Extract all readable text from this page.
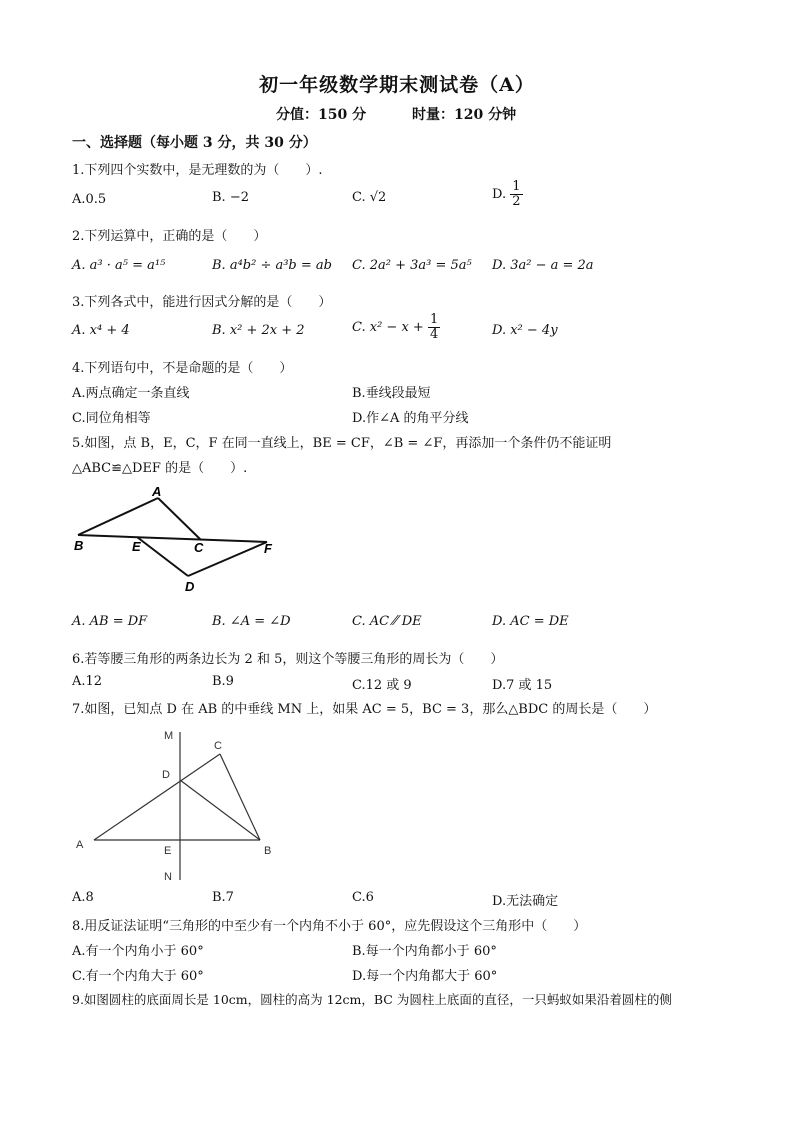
初一年级数学期末测试卷（A）
分值：150 分	时量：120 分钟
一、选择题（每小题 3 分，共 30 分）
1.下列四个实数中，是无理数的为（　　）.
A.0.5	B. −2	C. √2	D. $\frac{1}{2}$
2.下列运算中，正确的是（　　）
A. a³ · a⁵ = a¹⁵	B. a⁴b² ÷ a³b = ab C. 2a² + 3a³ = 5a⁵ D. 3a² − a = 2a
3.下列各式中，能进行因式分解的是（　　）
A. x⁴ + 4	B. x² + 2x + 2	C. $x^2 - x + \frac{1}{4}$	D. x² − 4y
4.下列语句中，不是命题的是（　　）
A.两点确定一条直线	B.垂线段最短
C.同位角相等	D.作∠A 的角平分线
5.如图，点 B，E，C，F 在同一直线上，BE = CF，∠B = ∠F，再添加一个条件仍不能证明
△ABC≌△DEF 的是（　　）.
A
B	E	C	F
D
A. AB = DF	B. ∠A = ∠D	C. AC ⁄⁄ DE	D. AC = DE
6.若等腰三角形的两条边长为 2 和 5，则这个等腰三角形的周长为（　　）
A.12	B.9	C.12 或 9	D.7 或 15
7.如图，已知点 D 在 AB 的中垂线 MN 上，如果 AC = 5，BC = 3，那么△BDC 的周长是（　　）
M
C
D
A	E	B
N
A.8	B.7	C.6	D.无法确定
8.用反证法证明“三角形的中至少有一个内角不小于 60°，应先假设这个三角形中（　　）
A.有一个内角小于 60°	B.每一个内角都小于 60°
C.有一个内角大于 60°	D.每一个内角都大于 60°
9.如图圆柱的底面周长是 10cm，圆柱的高为 12cm，BC 为圆柱上底面的直径，一只蚂蚁如果沿着圆柱的侧
